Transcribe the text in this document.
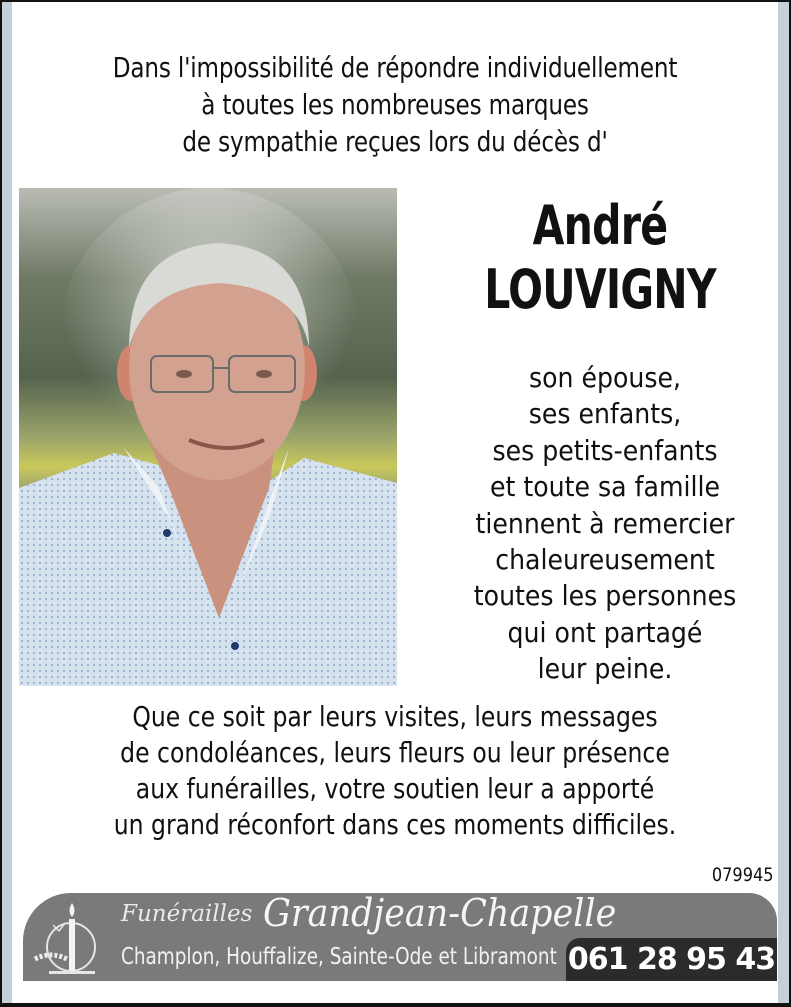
Dans l'impossibilité de répondre individuellement
à toutes les nombreuses marques
de sympathie reçues lors du décès d'
André
LOUVIGNY
son épouse,
ses enfants,
ses petits-enfants
et toute sa famille
tiennent à remercier
chaleureusement
toutes les personnes
qui ont partagé
leur peine.
Que ce soit par leurs visites, leurs messages
de condoléances, leurs fleurs ou leur présence
aux funérailles, votre soutien leur a apporté
un grand réconfort dans ces moments difficiles.
079945
Funérailles Grandjean-Chapelle
Champlon, Houffalize, Sainte-Ode et Libramont 061 28 95 43
